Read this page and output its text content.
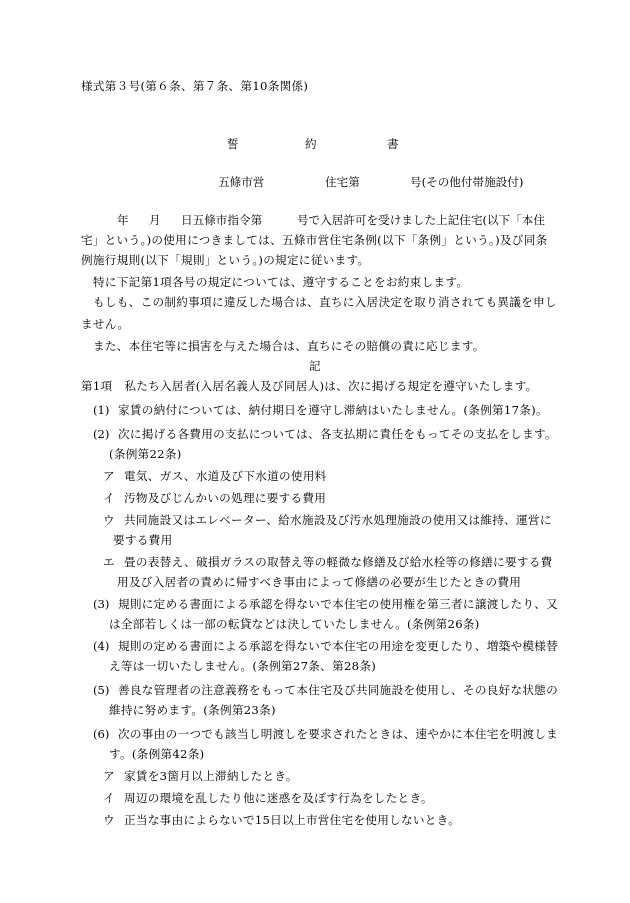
様式第３号(第６条、第７条、第10条関係)
誓	約	書
五條市営	住宅第	号(その他付帯施設付)
年 月 日五條市指令第　　　号で入居許可を受けました上記住宅(以下「本住
宅」という。)の使用につきましては、五條市営住宅条例(以下「条例」という。)及び同条
例施行規則(以下「規則」という。)の規定に従います。
特に下記第1項各号の規定については、遵守することをお約束します。
もしも、この制約事項に違反した場合は、直ちに入居決定を取り消されても異議を申し
ません。
また、本住宅等に損害を与えた場合は、直ちにその賠償の責に応じます。
記
第1項　私たち入居者(入居名義人及び同居人)は、次に掲げる規定を遵守いたします。
(1) 家賃の納付については、納付期日を遵守し滞納はいたしません。(条例第17条)。
(2) 次に掲げる各費用の支払については、各支払期に責任をもってその支払をします。
(条例第22条)
ア 電気、ガス、水道及び下水道の使用料
イ 汚物及びじんかいの処理に要する費用
ウ 共同施設又はエレベーター、給水施設及び汚水処理施設の使用又は維持、運営に
要する費用
エ 畳の表替え、破損ガラスの取替え等の軽微な修繕及び給水栓等の修繕に要する費
用及び入居者の責めに帰すべき事由によって修繕の必要が生じたときの費用
(3) 規則に定める書面による承認を得ないで本住宅の使用権を第三者に譲渡したり、又
は全部若しくは一部の転貸などは決していたしません。(条例第26条)
(4) 規則の定める書面による承認を得ないで本住宅の用途を変更したり、増築や模様替
え等は一切いたしません。(条例第27条、第28条)
(5) 善良な管理者の注意義務をもって本住宅及び共同施設を使用し、その良好な状態の
維持に努めます。(条例第23条)
(6) 次の事由の一つでも該当し明渡しを要求されたときは、速やかに本住宅を明渡しま
す。(条例第42条)
ア 家賃を3箇月以上滞納したとき。
イ 周辺の環境を乱したり他に迷惑を及ぼす行為をしたとき。
ウ 正当な事由によらないで15日以上市営住宅を使用しないとき。
